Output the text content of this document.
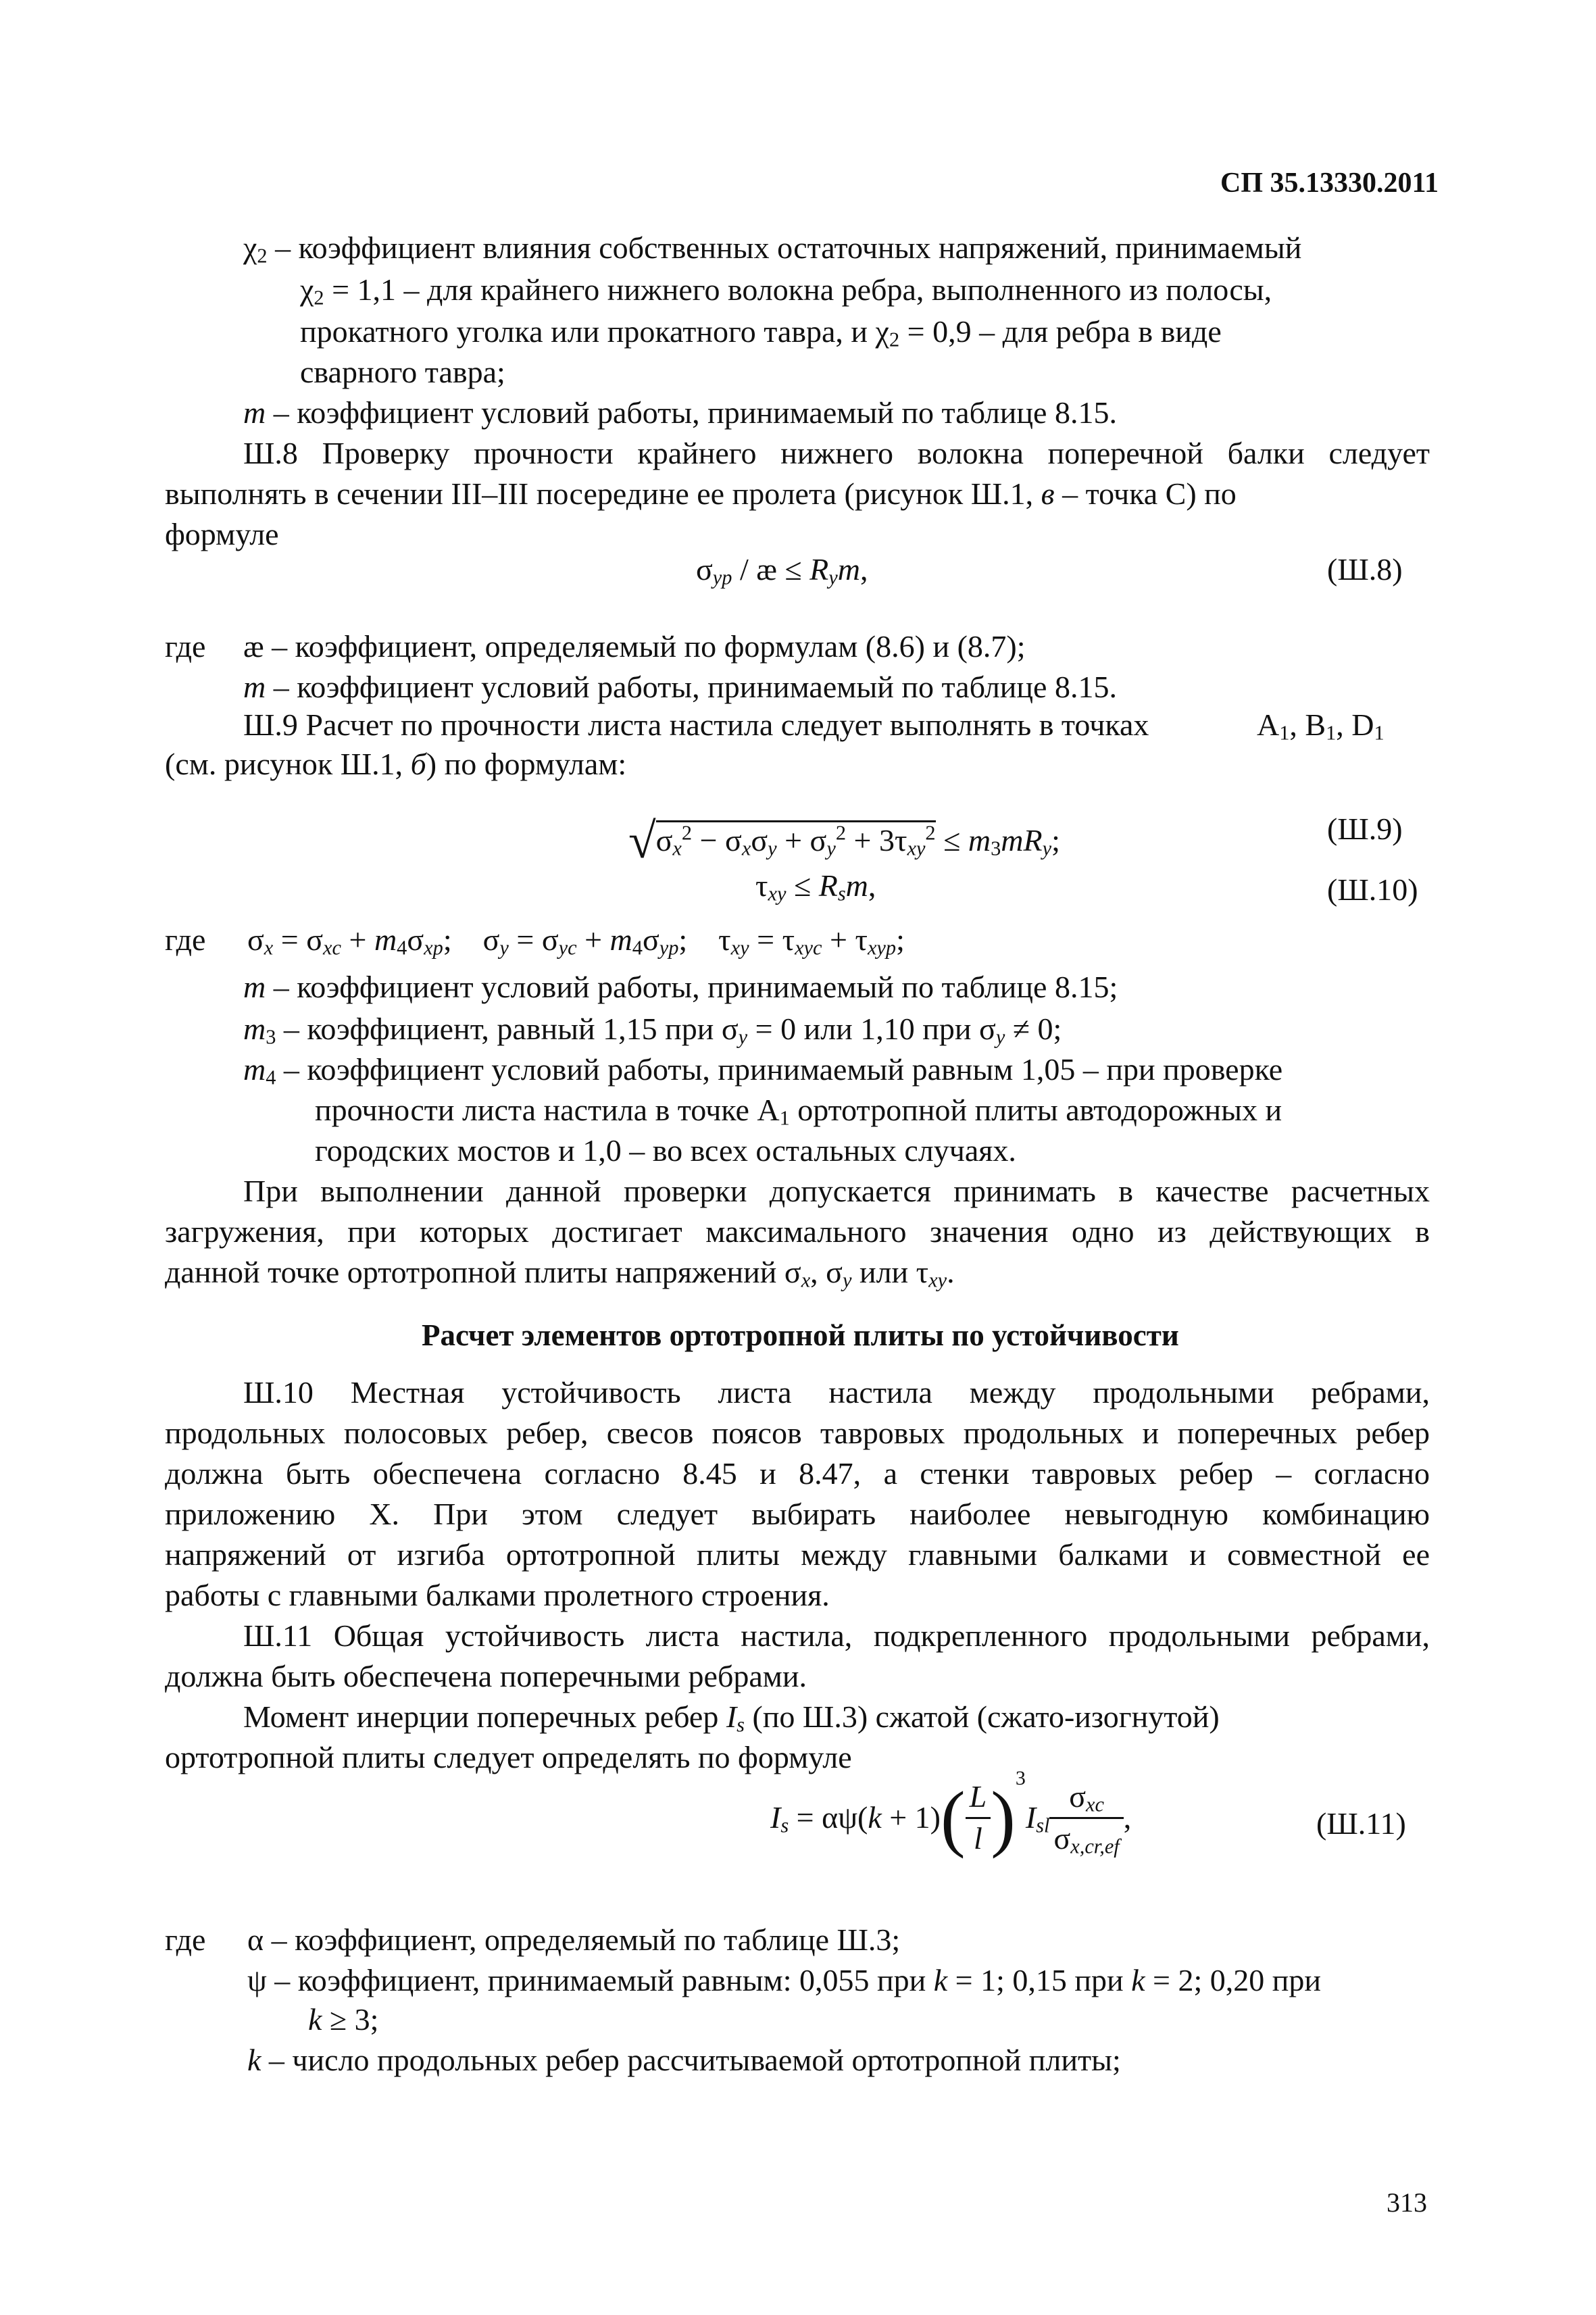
СП 35.13330.2011
$\chi_2$ – коэффициент влияния собственных остаточных напряжений, принимаемый
$\chi_2 = 1,1$ – для крайнего нижнего волокна ребра, выполненного из полосы,
прокатного уголка или прокатного тавра, и $\chi_2 = 0,9$ – для ребра в виде
сварного тавра;
m – коэффициент условий работы, принимаемый по таблице 8.15.
Ш.8 Проверку прочности крайнего нижнего волокна поперечной балки следует
выполнять в сечении III–III посередине ее пролета (рисунок Ш.1, в – точка С) по
формуле
$\sigma_{yp}$ / æ ≤ $R_ym$,	(Ш.8)
где æ – коэффициент, определяемый по формулам (8.6) и (8.7);
m – коэффициент условий работы, принимаемый по таблице 8.15.
Ш.9 Расчет по прочности листа настила следует выполнять в точках	$A_1$, $B_1$, $D_1$
(см. рисунок Ш.1, б) по формулам:
$√\sigma_x^2 - \sigma_x\sigma_y + \sigma_y^2 + 3\tau_{xy}^2 \le m_3mR_y$;	(Ш.9)
$\tau_{xy} \le R_sm$,	(Ш.10)
где $\sigma_x = \sigma_{xc} + m_4\sigma_{xp}$;    $\sigma_y = \sigma_{yc} + m_4\sigma_{yp}$;    $\tau_{xy} = \tau_{xyc} + \tau_{xyp}$;
m – коэффициент условий работы, принимаемый по таблице 8.15;
$m_3$ – коэффициент, равный 1,15 при $\sigma_y = 0$ или 1,10 при $\sigma_y \ne 0$;
$m_4$ – коэффициент условий работы, принимаемый равным 1,05 – при проверке
прочности листа настила в точке $А_1$ ортотропной плиты автодорожных и
городских мостов и 1,0 – во всех остальных случаях.
При выполнении данной проверки допускается принимать в качестве расчетных
загружения, при которых достигает максимального значения одно из действующих в
данной точке ортотропной плиты напряжений $\sigma_x$, $\sigma_y$ или $\tau_{xy}$.
Расчет элементов ортотропной плиты по устойчивости
Ш.10 Местная устойчивость листа настила между продольными ребрами,
продольных полосовых ребер, свесов поясов тавровых продольных и поперечных ребер
должна быть обеспечена согласно 8.45 и 8.47, а стенки тавровых ребер – согласно
приложению Х. При этом следует выбирать наиболее невыгодную комбинацию
напряжений от изгиба ортотропной плиты между главными балками и совместной ее
работы с главными балками пролетного строения.
Ш.11 Общая устойчивость листа настила, подкрепленного продольными ребрами,
должна быть обеспечена поперечными ребрами.
Момент инерции поперечных ребер $I_s$ (по Ш.3) сжатой (сжато-изогнутой)
ортотропной плиты следует определять по формуле
$I_s = \alpha\psi(k + 1)( \frac{L}{l} )^3I_{sl} \frac{\sigma_{xc}}{\sigma_{x,cr,ef}}$ ,	(Ш.11)
где α – коэффициент, определяемый по таблице Ш.3;
ψ – коэффициент, принимаемый равным: 0,055 при k = 1; 0,15 при k = 2; 0,20 при
k ≥ 3;
k – число продольных ребер рассчитываемой ортотропной плиты;
313
